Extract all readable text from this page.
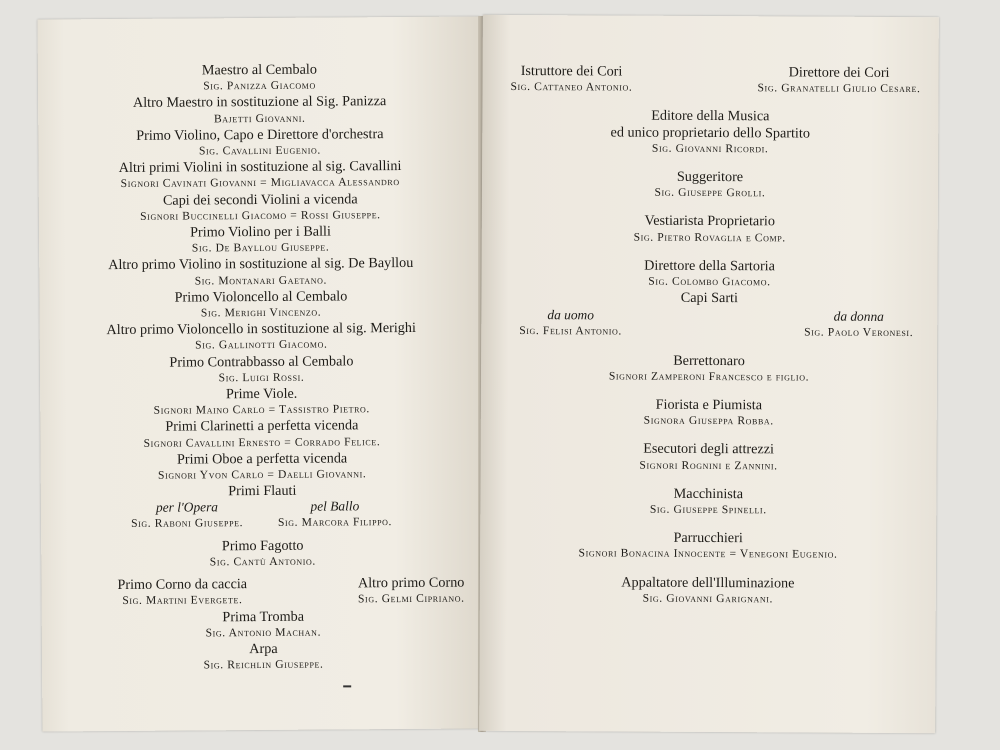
Maestro al Cembalo
Sig. Panizza Giacomo
Altro Maestro in sostituzione al Sig. Panizza
Bajetti Giovanni.
Primo Violino, Capo e Direttore d'orchestra
Sig. Cavallini Eugenio.
Altri primi Violini in sostituzione al sig. Cavallini
Signori Cavinati Giovanni = Migliavacca Alessandro
Capi dei secondi Violini a vicenda
Signori Buccinelli Giacomo = Rossi Giuseppe.
Primo Violino per i Balli
Sig. De Bayllou Giuseppe.
Altro primo Violino in sostituzione al sig. De Bayllou
Sig. Montanari Gaetano.
Primo Violoncello al Cembalo
Sig. Merighi Vincenzo.
Altro primo Violoncello in sostituzione al sig. Merighi
Sig. Gallinotti Giacomo.
Primo Contrabbasso al Cembalo
Sig. Luigi Rossi.
Prime Viole.
Signori Maino Carlo = Tassistro Pietro.
Primi Clarinetti a perfetta vicenda
Signori Cavallini Ernesto = Corrado Felice.
Primi Oboe a perfetta vicenda
Signori Yvon Carlo = Daelli Giovanni.
Primi Flauti
per l'Opera
Sig. Raboni Giuseppe.
pel Ballo
Sig. Marcora Filippo.
Primo Fagotto
Sig. Cantù Antonio.
Primo Corno da caccia
Sig. Martini Evergete.
Altro primo Corno
Sig. Gelmi Cipriano.
Prima Tromba
Sig. Antonio Machan.
Arpa
Sig. Reichlin Giuseppe.
Istruttore dei Cori
Sig. Cattaneo Antonio.
Direttore dei Cori
Sig. Granatelli Giulio Cesare.
Editore della Musica
ed unico proprietario dello Spartito
Sig. Giovanni Ricordi.
Suggeritore
Sig. Giuseppe Grolli.
Vestiarista Proprietario
Sig. Pietro Rovaglia e Comp.
Direttore della Sartoria
Sig. Colombo Giacomo.
Capi Sarti
da uomo
Sig. Felisi Antonio.
da donna
Sig. Paolo Veronesi.
Berrettonaro
Signori Zamperoni Francesco e figlio.
Fiorista e Piumista
Signora Giuseppa Robba.
Esecutori degli attrezzi
Signori Rognini e Zannini.
Macchinista
Sig. Giuseppe Spinelli.
Parrucchieri
Signori Bonacina Innocente = Venegoni Eugenio.
Appaltatore dell'Illuminazione
Sig. Giovanni Garignani.
